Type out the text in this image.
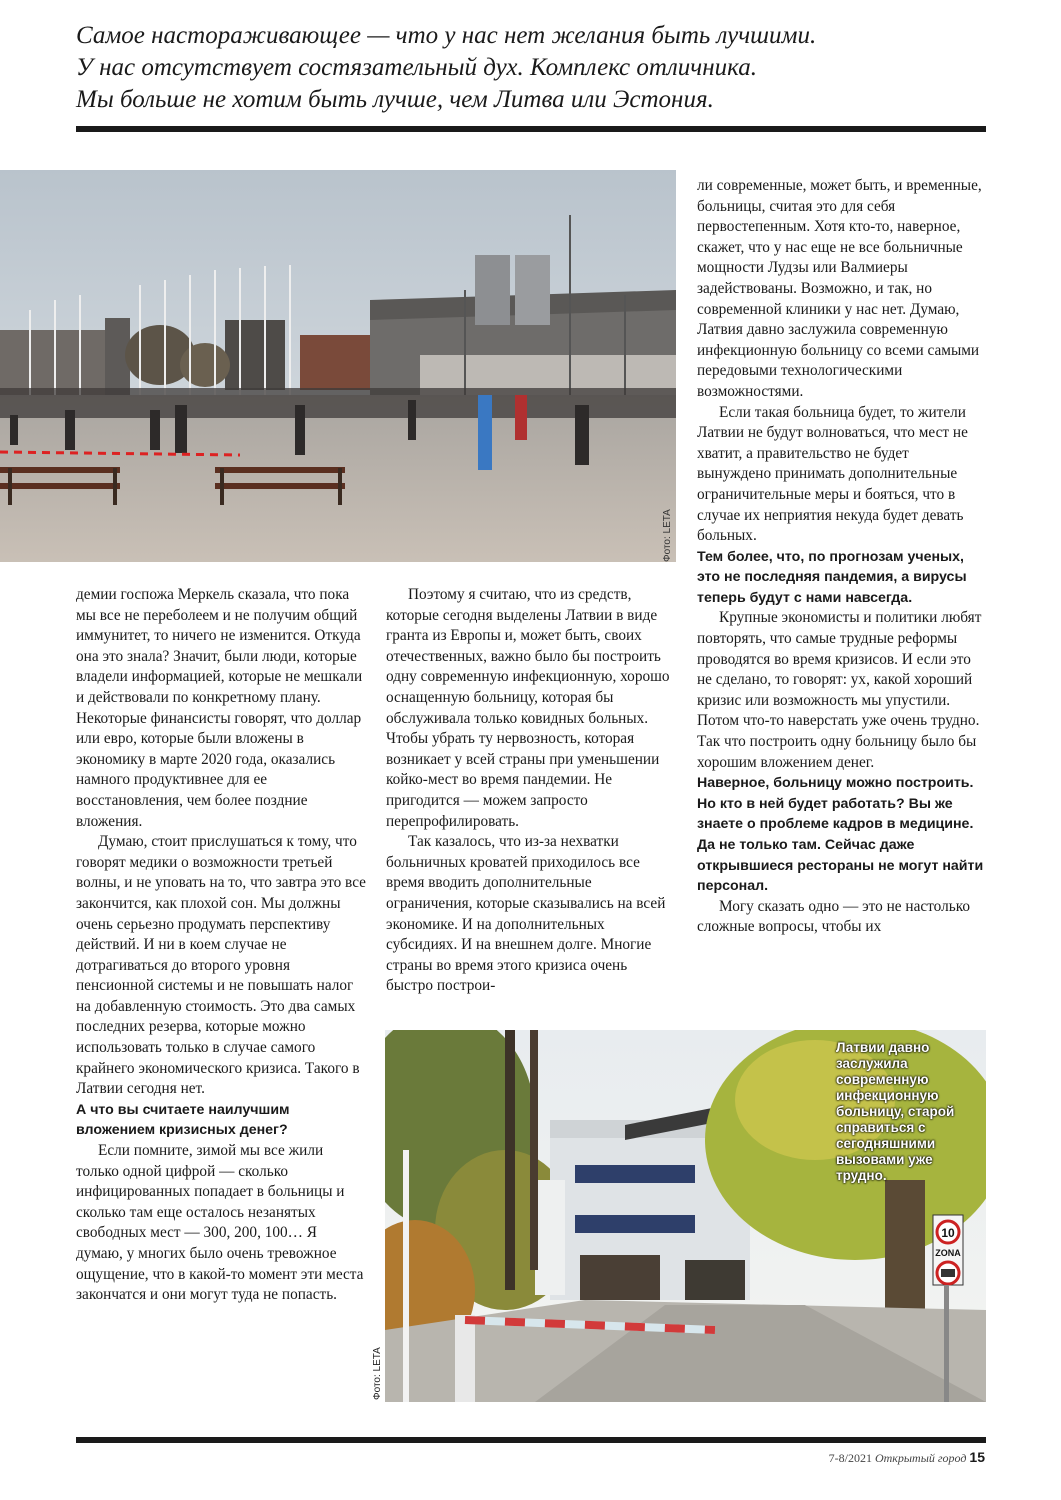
Самое настораживающее — что у нас нет желания быть лучшими.
У нас отсутствует состязательный дух. Комплекс отличника.
Мы больше не хотим быть лучше, чем Литва или Эстония.
Фото: LETA

демии госпожа Меркель сказала, что пока мы все не переболеем и не получим общий иммунитет, то ничего не изменится. Откуда она это знала? Значит, были люди, которые владели информацией, которые не мешкали и действовали по конкретному плану. Некоторые финансисты говорят, что доллар или евро, которые были вложены в экономику в марте 2020 года, оказались намного продуктивнее для ее восстановления, чем более поздние вложения.

Думаю, стоит прислушаться к тому, что говорят медики о возможности третьей волны, и не уповать на то, что завтра это все закончится, как плохой сон. Мы должны очень серьезно продумать перспективу действий. И ни в коем случае не дотрагиваться до второго уровня пенсионной системы и не повышать налог на добавленную стоимость. Это два самых последних резерва, которые можно использовать только в случае самого крайнего экономического кризиса. Такого в Латвии сегодня нет.

А что вы считаете наилучшим вложением кризисных денег?

Если помните, зимой мы все жили только одной цифрой — сколько инфицированных попадает в больницы и сколько там еще осталось незанятых свободных мест — 300, 200, 100… Я думаю, у многих было очень тревожное ощущение, что в какой-то момент эти места закончатся и они могут туда не попасть.

Поэтому я считаю, что из средств, которые сегодня выделены Латвии в виде гранта из Европы и, может быть, своих отечественных, важно было бы построить одну современную инфекционную, хорошо оснащенную больницу, которая бы обслуживала только ковидных больных. Чтобы убрать ту нервозность, которая возникает у всей страны при уменьшении койко-мест во время пандемии. Не пригодится — можем запросто перепрофилировать.

Так казалось, что из-за нехватки больничных кроватей приходилось все время вводить дополнительные ограничения, которые сказывались на всей экономике. И на дополнительных субсидиях. И на внешнем долге. Многие страны во время этого кризиса очень быстро построи-

ли современные, может быть, и временные, больницы, считая это для себя первостепенным. Хотя кто-то, наверное, скажет, что у нас еще не все больничные мощности Лудзы или Валмиеры задействованы. Возможно, и так, но современной клиники у нас нет. Думаю, Латвия давно заслужила современную инфекционную больницу со всеми самыми передовыми технологическими возможностями.

Если такая больница будет, то жители Латвии не будут волноваться, что мест не хватит, а правительство не будет вынуждено принимать дополнительные ограничительные меры и бояться, что в случае их неприятия некуда будет девать больных.

Тем более, что, по прогнозам ученых, это не последняя пандемия, а вирусы теперь будут с нами навсегда.

Крупные экономисты и политики любят повторять, что самые трудные реформы проводятся во время кризисов. И если это не сделано, то говорят: ух, какой хороший кризис или возможность мы упустили. Потом что-то наверстать уже очень трудно. Так что построить одну больницу было бы хорошим вложением денег.

Наверное, больницу можно построить. Но кто в ней будет работать? Вы же знаете о проблеме кадров в медицине. Да не только там. Сейчас даже открывшиеся рестораны не могут найти персонал.

Могу сказать одно — это не настолько сложные вопросы, чтобы их

10
ZONA
Фото: LETA
Латвии давно заслужила современную инфекционную больницу, старой справиться с сегодняшними вызовами уже трудно.
7-8/2021 Открытый город 15
